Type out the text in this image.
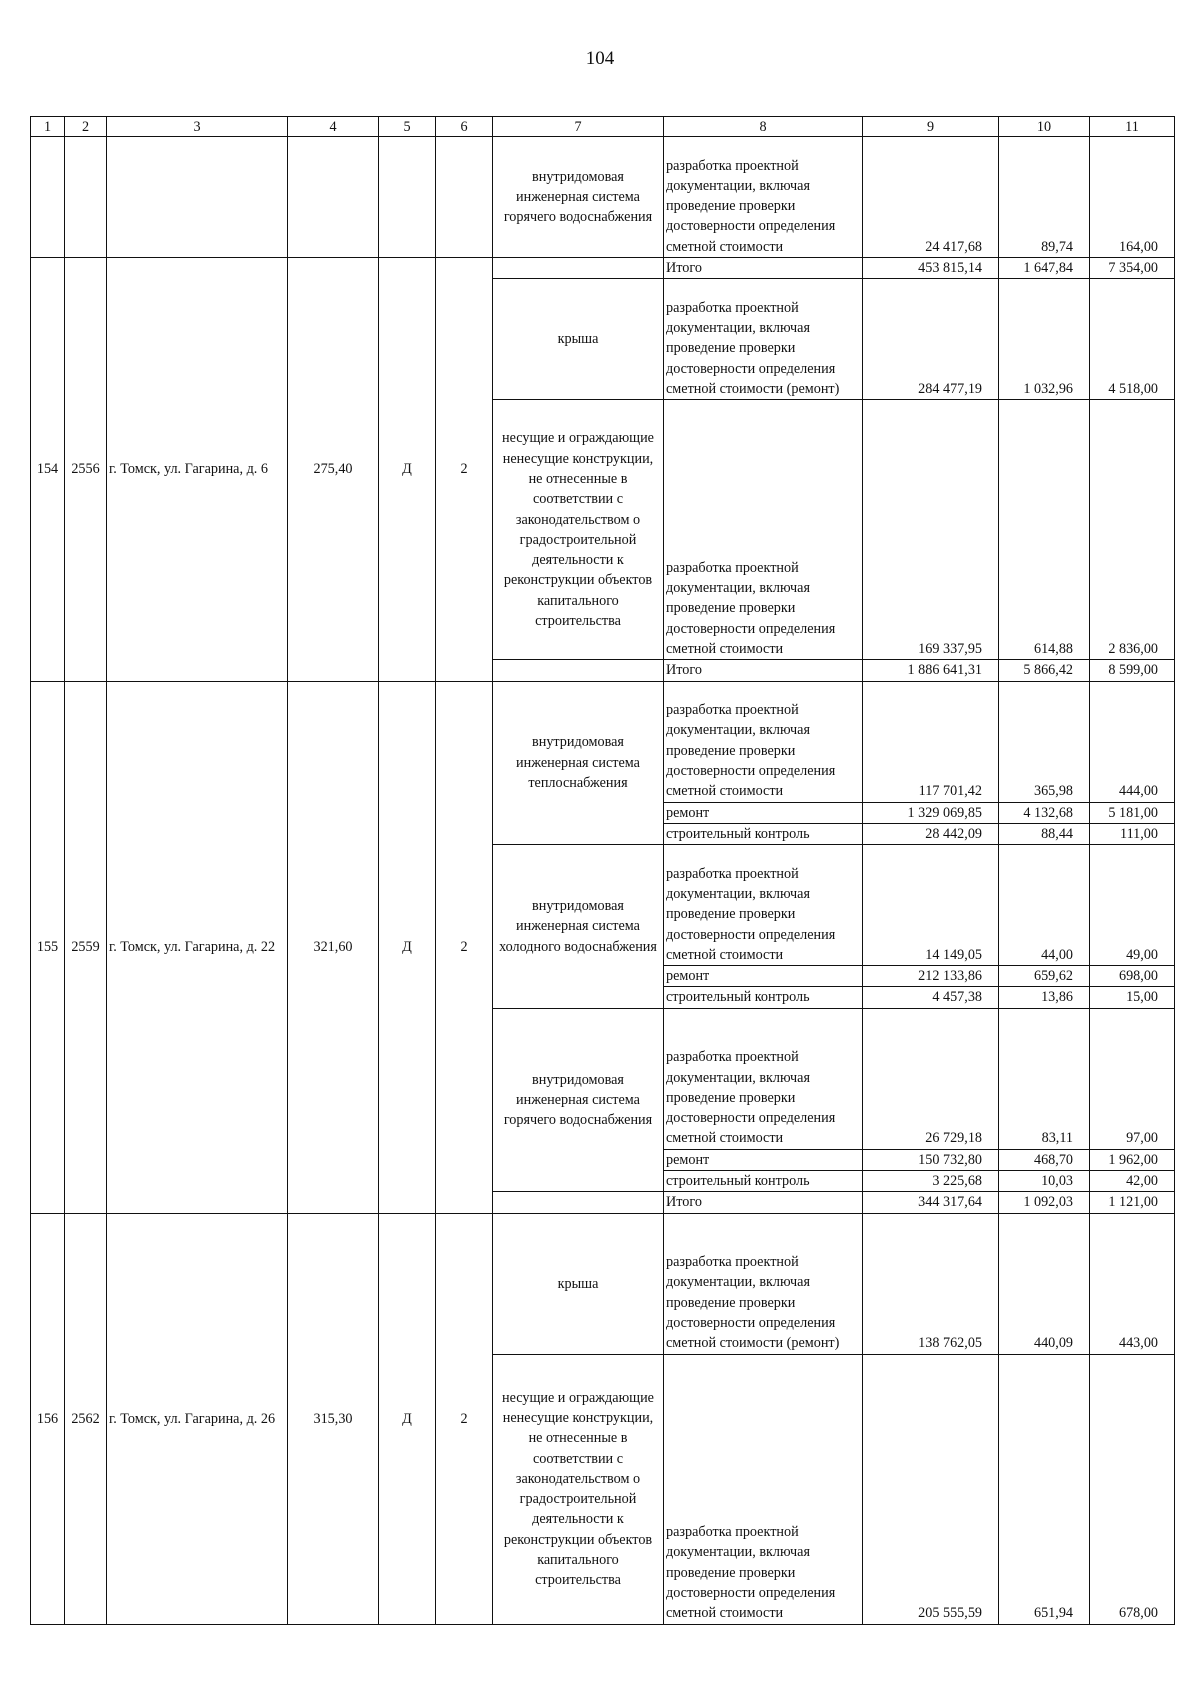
104
1	2	3	4	5	6	7	8	9	10	11
						внутридомовая инженерная система горячего водоснабжения	разработка проектной документации, включая проведение проверки достоверности определения сметной стоимости	24 417,68	89,74	164,00
154	2556	г. Томск, ул. Гагарина, д. 6	275,40	Д	2		Итого	453 815,14	1 647,84	7 354,00
						крыша	разработка проектной документации, включая проведение проверки достоверности определения сметной стоимости (ремонт)	284 477,19	1 032,96	4 518,00
						несущие и ограждающие ненесущие конструкции, не отнесенные в соответствии с законодательством о градостроительной деятельности к реконструкции объектов капитального строительства	разработка проектной документации, включая проведение проверки достоверности определения сметной стоимости	169 337,95	614,88	2 836,00
							Итого	1 886 641,31	5 866,42	8 599,00
155	2559	г. Томск, ул. Гагарина, д. 22	321,60	Д	2	внутридомовая инженерная система теплоснабжения	разработка проектной документации, включая проведение проверки достоверности определения сметной стоимости	117 701,42	365,98	444,00
							ремонт	1 329 069,85	4 132,68	5 181,00
							строительный контроль	28 442,09	88,44	111,00
						внутридомовая инженерная система холодного водоснабжения	разработка проектной документации, включая проведение проверки достоверности определения сметной стоимости	14 149,05	44,00	49,00
							ремонт	212 133,86	659,62	698,00
							строительный контроль	4 457,38	13,86	15,00
						внутридомовая инженерная система горячего водоснабжения	разработка проектной документации, включая проведение проверки достоверности определения сметной стоимости	26 729,18	83,11	97,00
							ремонт	150 732,80	468,70	1 962,00
							строительный контроль	3 225,68	10,03	42,00
							Итого	344 317,64	1 092,03	1 121,00
156	2562	г. Томск, ул. Гагарина, д. 26	315,30	Д	2	крыша	разработка проектной документации, включая проведение проверки достоверности определения сметной стоимости (ремонт)	138 762,05	440,09	443,00
						несущие и ограждающие ненесущие конструкции, не отнесенные в соответствии с законодательством о градостроительной деятельности к реконструкции объектов капитального строительства	разработка проектной документации, включая проведение проверки достоверности определения сметной стоимости	205 555,59	651,94	678,00
